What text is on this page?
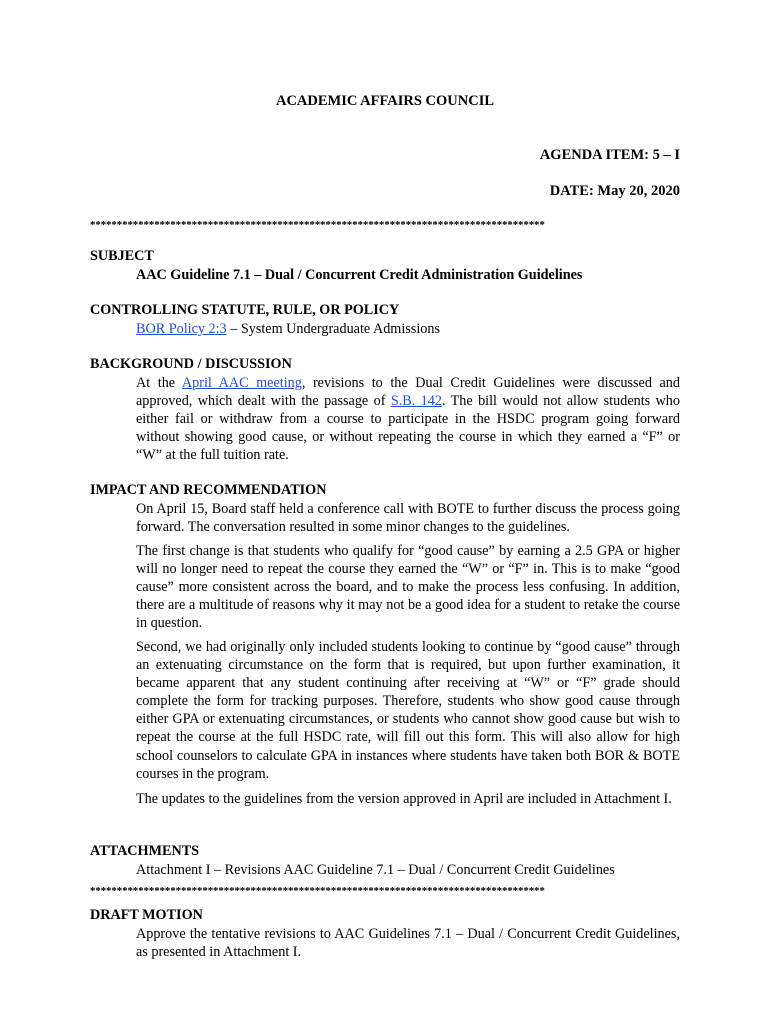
ACADEMIC AFFAIRS COUNCIL
AGENDA ITEM: 5 – I
DATE: May 20, 2020
*************************************************************************************
SUBJECT
AAC Guideline 7.1 – Dual / Concurrent Credit Administration Guidelines
CONTROLLING STATUTE, RULE, OR POLICY
BOR Policy 2:3 – System Undergraduate Admissions
BACKGROUND / DISCUSSION
At the April AAC meeting, revisions to the Dual Credit Guidelines were discussed and approved, which dealt with the passage of S.B. 142. The bill would not allow students who either fail or withdraw from a course to participate in the HSDC program going forward without showing good cause, or without repeating the course in which they earned a “F” or “W” at the full tuition rate.
IMPACT AND RECOMMENDATION
On April 15, Board staff held a conference call with BOTE to further discuss the process going forward. The conversation resulted in some minor changes to the guidelines.
The first change is that students who qualify for “good cause” by earning a 2.5 GPA or higher will no longer need to repeat the course they earned the “W” or “F” in. This is to make “good cause” more consistent across the board, and to make the process less confusing. In addition, there are a multitude of reasons why it may not be a good idea for a student to retake the course in question.
Second, we had originally only included students looking to continue by “good cause” through an extenuating circumstance on the form that is required, but upon further examination, it became apparent that any student continuing after receiving at “W” or “F” grade should complete the form for tracking purposes. Therefore, students who show good cause through either GPA or extenuating circumstances, or students who cannot show good cause but wish to repeat the course at the full HSDC rate, will fill out this form. This will also allow for high school counselors to calculate GPA in instances where students have taken both BOR & BOTE courses in the program.
The updates to the guidelines from the version approved in April are included in Attachment I.
ATTACHMENTS
Attachment I – Revisions AAC Guideline 7.1 – Dual / Concurrent Credit Guidelines
*************************************************************************************
DRAFT MOTION
Approve the tentative revisions to AAC Guidelines 7.1 – Dual / Concurrent Credit Guidelines, as presented in Attachment I.
